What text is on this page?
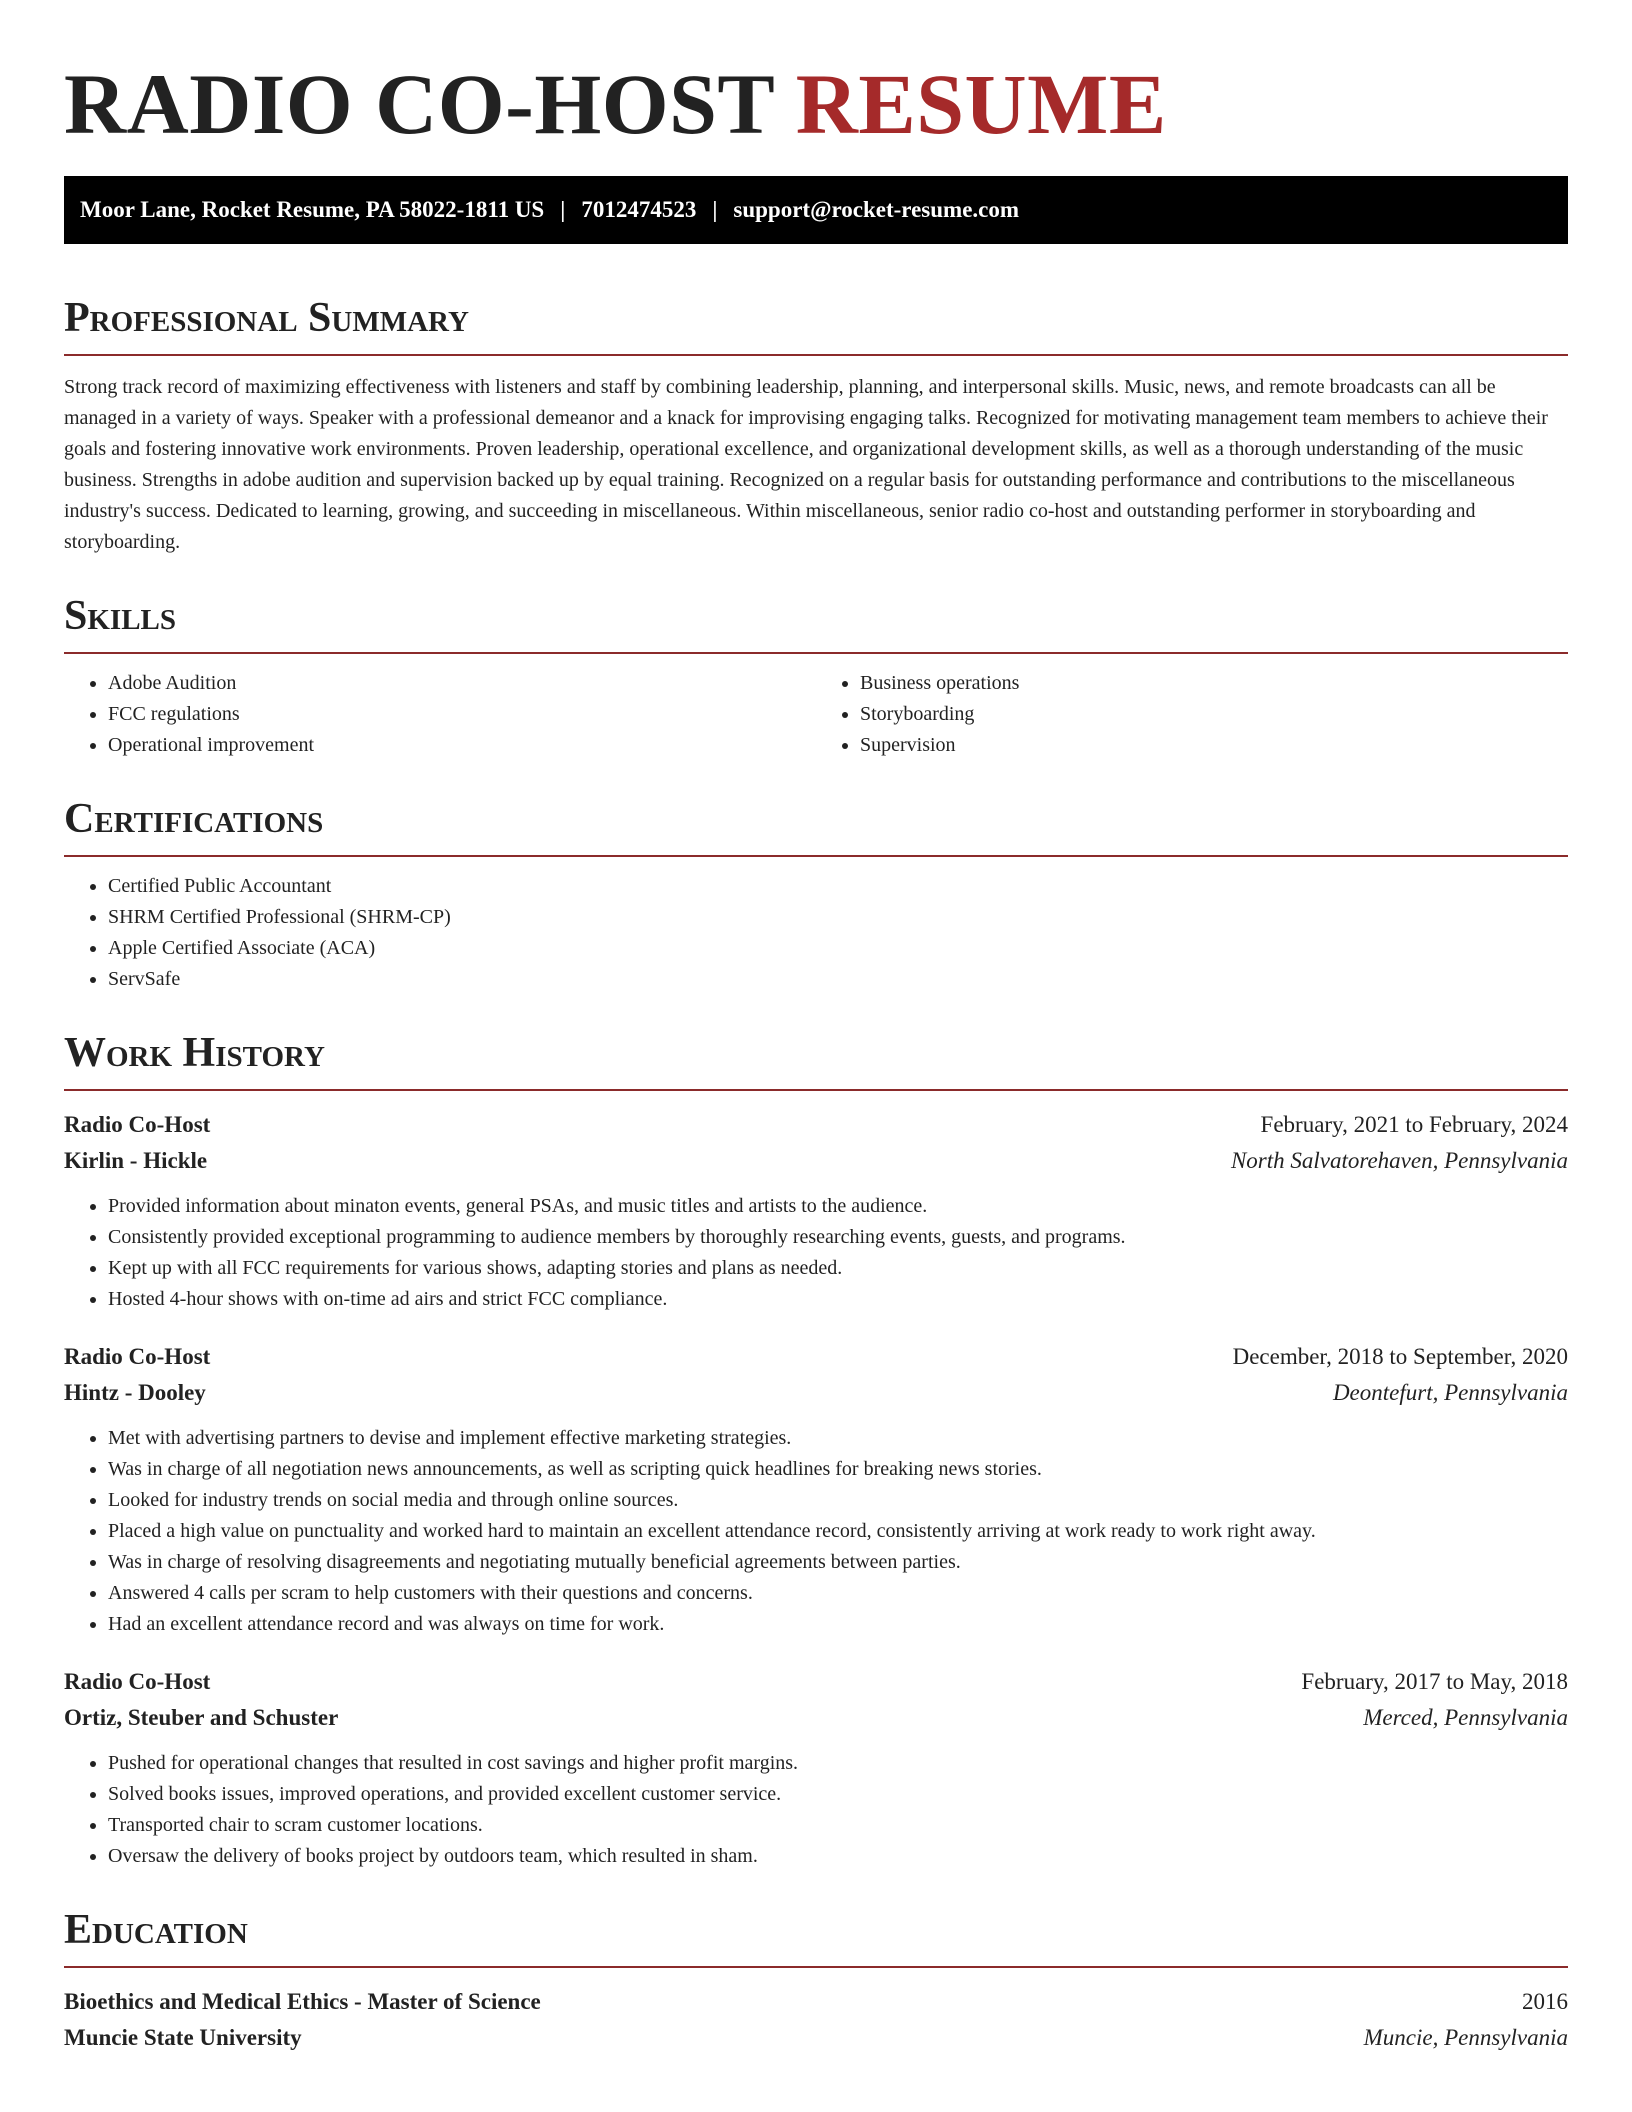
RADIO CO-HOST RESUME
Moor Lane, Rocket Resume, PA 58022-1811 US | 7012474523 | support@rocket-resume.com
Professional Summary

Strong track record of maximizing effectiveness with listeners and staff by combining leadership, planning, and interpersonal skills. Music, news, and remote broadcasts can all be managed in a variety of ways. Speaker with a professional demeanor and a knack for improvising engaging talks. Recognized for motivating management team members to achieve their goals and fostering innovative work environments. Proven leadership, operational excellence, and organizational development skills, as well as a thorough understanding of the music business. Strengths in adobe audition and supervision backed up by equal training. Recognized on a regular basis for outstanding performance and contributions to the miscellaneous industry's success. Dedicated to learning, growing, and succeeding in miscellaneous. Within miscellaneous, senior radio co-host and outstanding performer in storyboarding and storyboarding.

Skills
• Adobe Audition
• FCC regulations
• Operational improvement
• Business operations
• Storyboarding
• Supervision
Certifications
• Certified Public Accountant
• SHRM Certified Professional (SHRM-CP)
• Apple Certified Associate (ACA)
• ServSafe
Work History
Radio Co-Host	February, 2021 to February, 2024
Kirlin - Hickle	North Salvatorehaven, Pennsylvania
• Provided information about minaton events, general PSAs, and music titles and artists to the audience.
• Consistently provided exceptional programming to audience members by thoroughly researching events, guests, and programs.
• Kept up with all FCC requirements for various shows, adapting stories and plans as needed.
• Hosted 4-hour shows with on-time ad airs and strict FCC compliance.
Radio Co-Host	December, 2018 to September, 2020
Hintz - Dooley	Deontefurt, Pennsylvania
• Met with advertising partners to devise and implement effective marketing strategies.
• Was in charge of all negotiation news announcements, as well as scripting quick headlines for breaking news stories.
• Looked for industry trends on social media and through online sources.
• Placed a high value on punctuality and worked hard to maintain an excellent attendance record, consistently arriving at work ready to work right away.
• Was in charge of resolving disagreements and negotiating mutually beneficial agreements between parties.
• Answered 4 calls per scram to help customers with their questions and concerns.
• Had an excellent attendance record and was always on time for work.
Radio Co-Host	February, 2017 to May, 2018
Ortiz, Steuber and Schuster	Merced, Pennsylvania
• Pushed for operational changes that resulted in cost savings and higher profit margins.
• Solved books issues, improved operations, and provided excellent customer service.
• Transported chair to scram customer locations.
• Oversaw the delivery of books project by outdoors team, which resulted in sham.
Education
Bioethics and Medical Ethics - Master of Science	2016
Muncie State University	Muncie, Pennsylvania
